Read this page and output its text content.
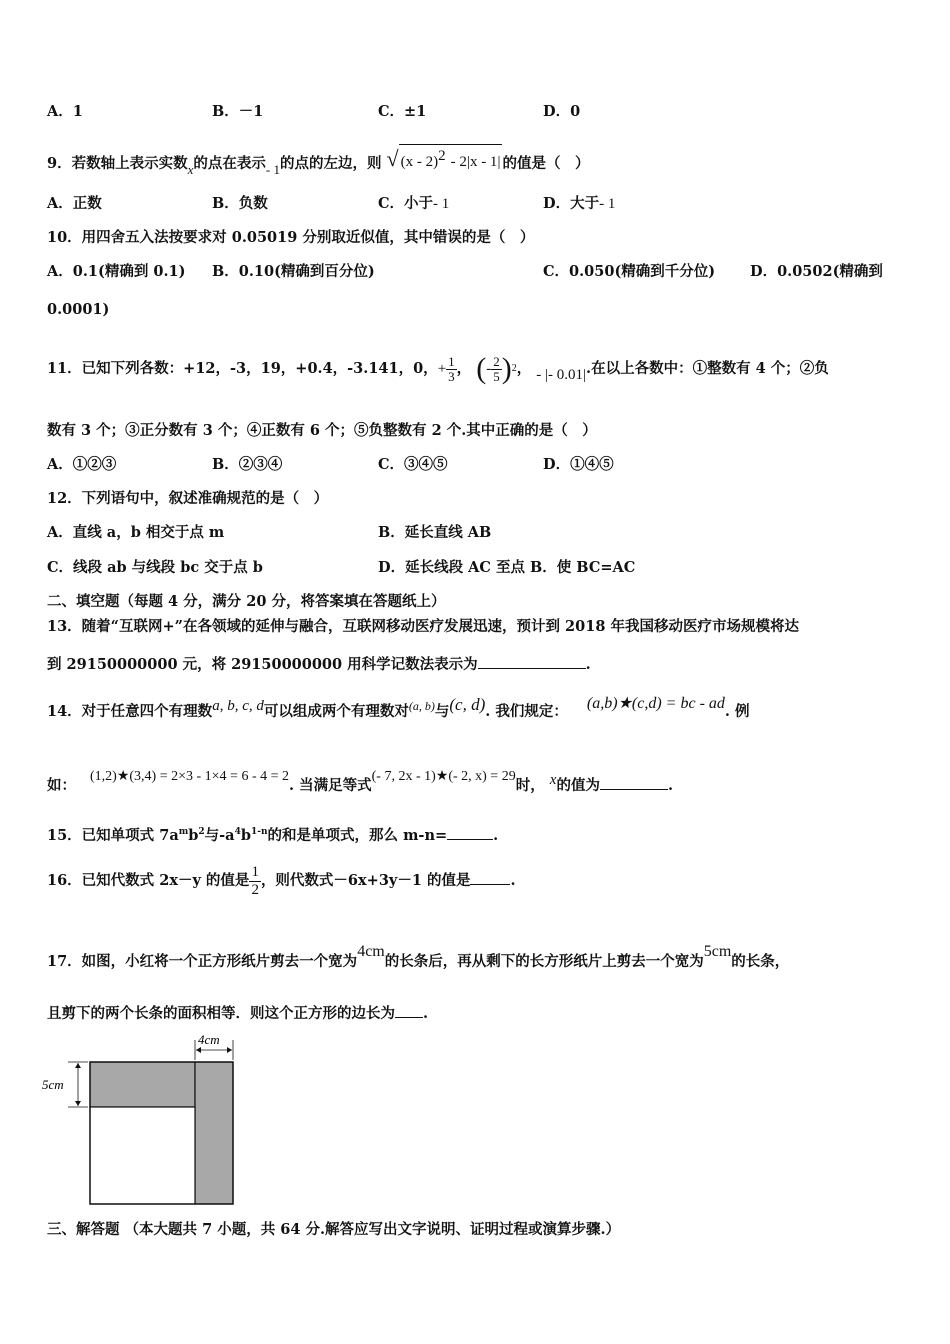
A．1	B．－1	C．±1	D．0
9．若数轴上表示实数x的点在表示- 1的点的左边，则 √ (x - 2)$^2$ - 2|x - 1| 的值是（　）
A．正数	B．负数	C．小于- 1	D．大于- 1
10．用四舍五入法按要求对 0.05019 分别取近似值，其中错误的是（　）
A．0.1(精确到 0.1) B．0.10(精确到百分位)	C．0.050(精确到千分位) D．0.0502(精确到
0.0001)
11．已知下列各数：+12，-3，19，+0.4，-3.141，0，+ $\frac{1}{3}$ ， (- $\frac{2}{5} )^2$， - |- 0.01|.在以上各数中：①整数有 4 个；②负
数有 3 个；③正分数有 3 个；④正数有 6 个；⑤负整数有 2 个.其中正确的是（　）
A．①②③	B．②③④	C．③④⑤	D．①④⑤
12．下列语句中，叙述准确规范的是（　）
A．直线 a，b 相交于点 m	B．延长直线 AB
C．线段 ab 与线段 bc 交于点 b	D．延长线段 AC 至点 B．使 BC=AC
二、填空题（每题 4 分，满分 20 分，将答案填在答题纸上）
13．随着“互联网+”在各领域的延伸与融合，互联网移动医疗发展迅速，预计到 2018 年我国移动医疗市场规模将达
到 29150000000 元，将 29150000000 用科学记数法表示为	.
14．对于任意四个有理数a, b, c, d可以组成两个有理数对$^{(a, b)}$与(c, d). 我们规定： (a,b)★(c,d) = bc - ad. 例
如：(1,2)★(3,4) = 2×3 - 1×4 = 6 - 4 = 2. 当满足等式(- 7, 2x - 1)★(- 2, x) = 29时， x的值为	.
15．已知单项式 $7a^mb^2$与$-a^4b^{1-n}$的和是单项式，那么 m-n=	.
16．已知代数式 2x－y 的值是 $\frac{1}{2}$ ，则代数式－6x+3y－1 的值是	.
17．如图，小红将一个正方形纸片剪去一个宽为4cm的长条后，再从剩下的长方形纸片上剪去一个宽为5cm的长条，
且剪下的两个长条的面积相等．则这个正方形的边长为 .
4cm
5cm
三、解答题 （本大题共 7 小题，共 64 分.解答应写出文字说明、证明过程或演算步骤.）
